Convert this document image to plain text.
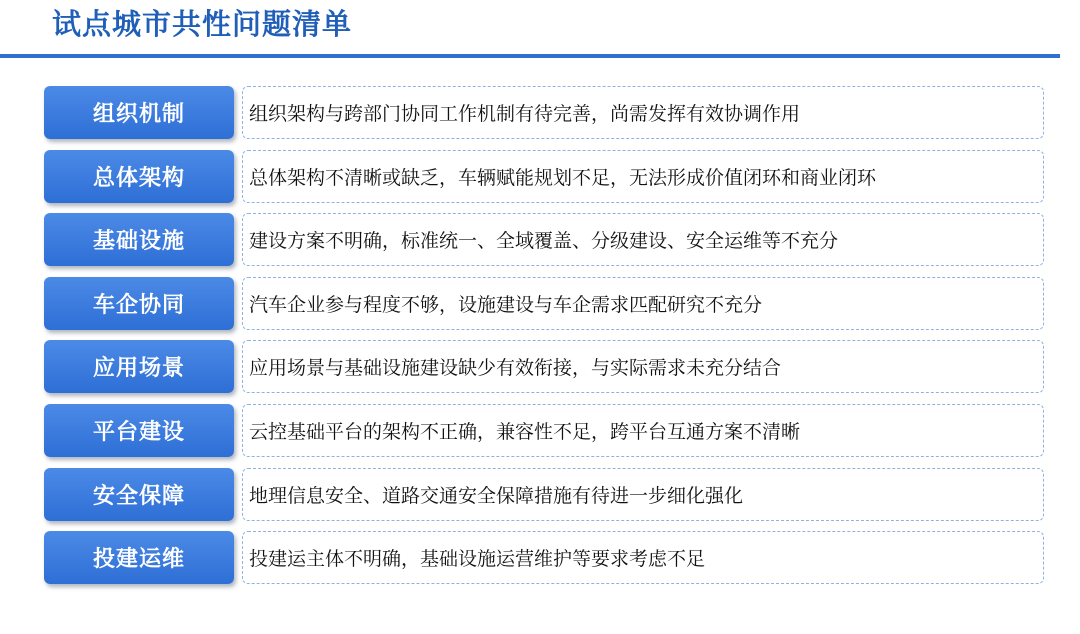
试点城市共性问题清单
组织机制	组织架构与跨部门协同工作机制有待完善，尚需发挥有效协调作用
总体架构	总体架构不清晰或缺乏，车辆赋能规划不足，无法形成价值闭环和商业闭环
基础设施	建设方案不明确，标准统一、全域覆盖、分级建设、安全运维等不充分
车企协同	汽车企业参与程度不够，设施建设与车企需求匹配研究不充分
应用场景	应用场景与基础设施建设缺少有效衔接，与实际需求未充分结合
平台建设	云控基础平台的架构不正确，兼容性不足，跨平台互通方案不清晰
安全保障	地理信息安全、道路交通安全保障措施有待进一步细化强化
投建运维	投建运主体不明确，基础设施运营维护等要求考虑不足
